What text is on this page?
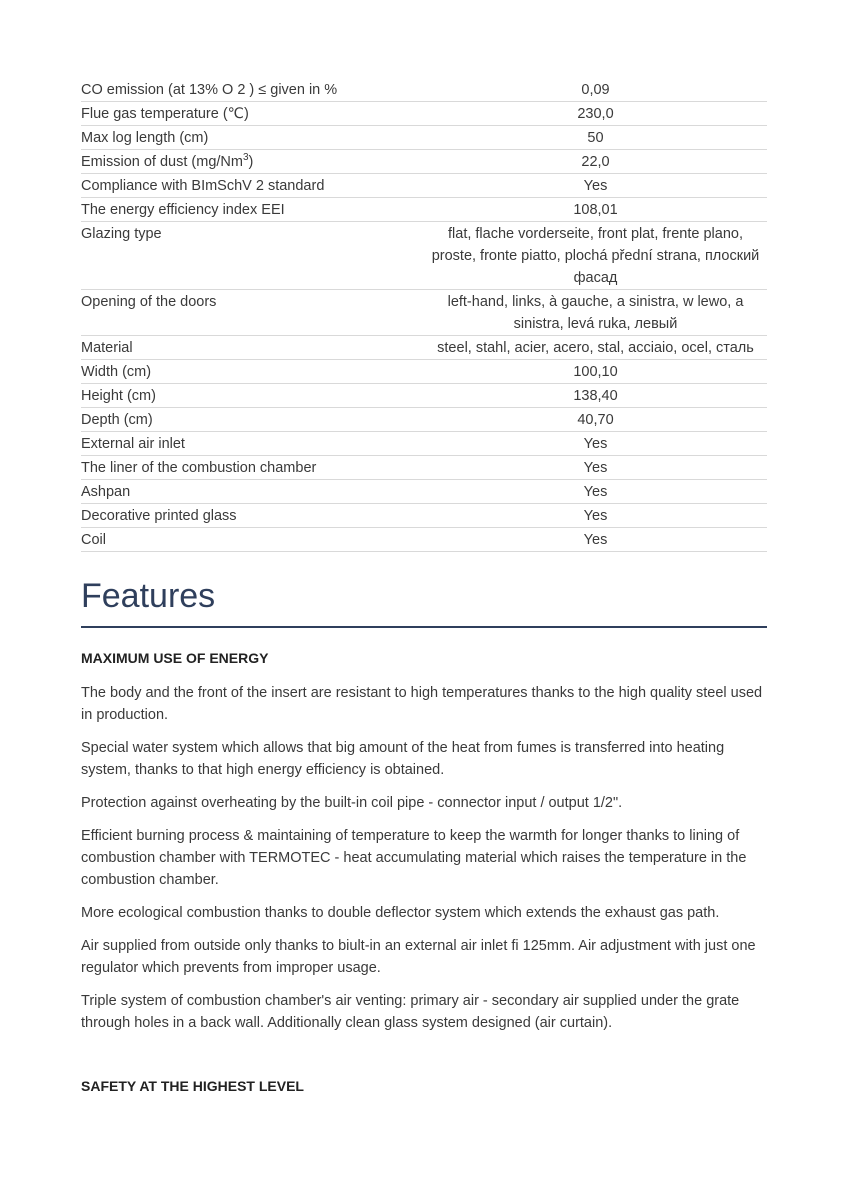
CO emission (at 13% O 2 ) ≤ given in %	0,09
Flue gas temperature (℃)	230,0
Max log length (cm)	50
Emission of dust (mg/Nm$^3$)	22,0
Compliance with BImSchV 2 standard	Yes
The energy efficiency index EEI	108,01
Glazing type	flat, flache vorderseite, front plat, frente plano, proste, fronte piatto, plochá přední strana, плоский фасад
Opening of the doors	left-hand, links, à gauche, a sinistra, w lewo, a sinistra, levá ruka, левый
Material	steel, stahl, acier, acero, stal, acciaio, ocel, сталь
Width (cm)	100,10
Height (cm)	138,40
Depth (cm)	40,70
External air inlet	Yes
The liner of the combustion chamber	Yes
Ashpan	Yes
Decorative printed glass	Yes
Coil	Yes
Features
MAXIMUM USE OF ENERGY

The body and the front of the insert are resistant to high temperatures thanks to the high quality steel used in production.

Special water system which allows that big amount of the heat from fumes is transferred into heating system, thanks to that high energy efficiency is obtained.

Protection against overheating by the built-in coil pipe - connector input / output 1/2".

Efficient burning process & maintaining of temperature to keep the warmth for longer thanks to lining of combustion chamber with TERMOTEC - heat accumulating material which raises the temperature in the combustion chamber.

More ecological combustion thanks to double deflector system which extends the exhaust gas path.

Air supplied from outside only thanks to biult-in an external air inlet fi 125mm. Air adjustment with just one regulator which prevents from improper usage.

Triple system of combustion chamber's air venting: primary air - secondary air supplied under the grate through holes in a back wall. Additionally clean glass system designed (air curtain).

SAFETY AT THE HIGHEST LEVEL
